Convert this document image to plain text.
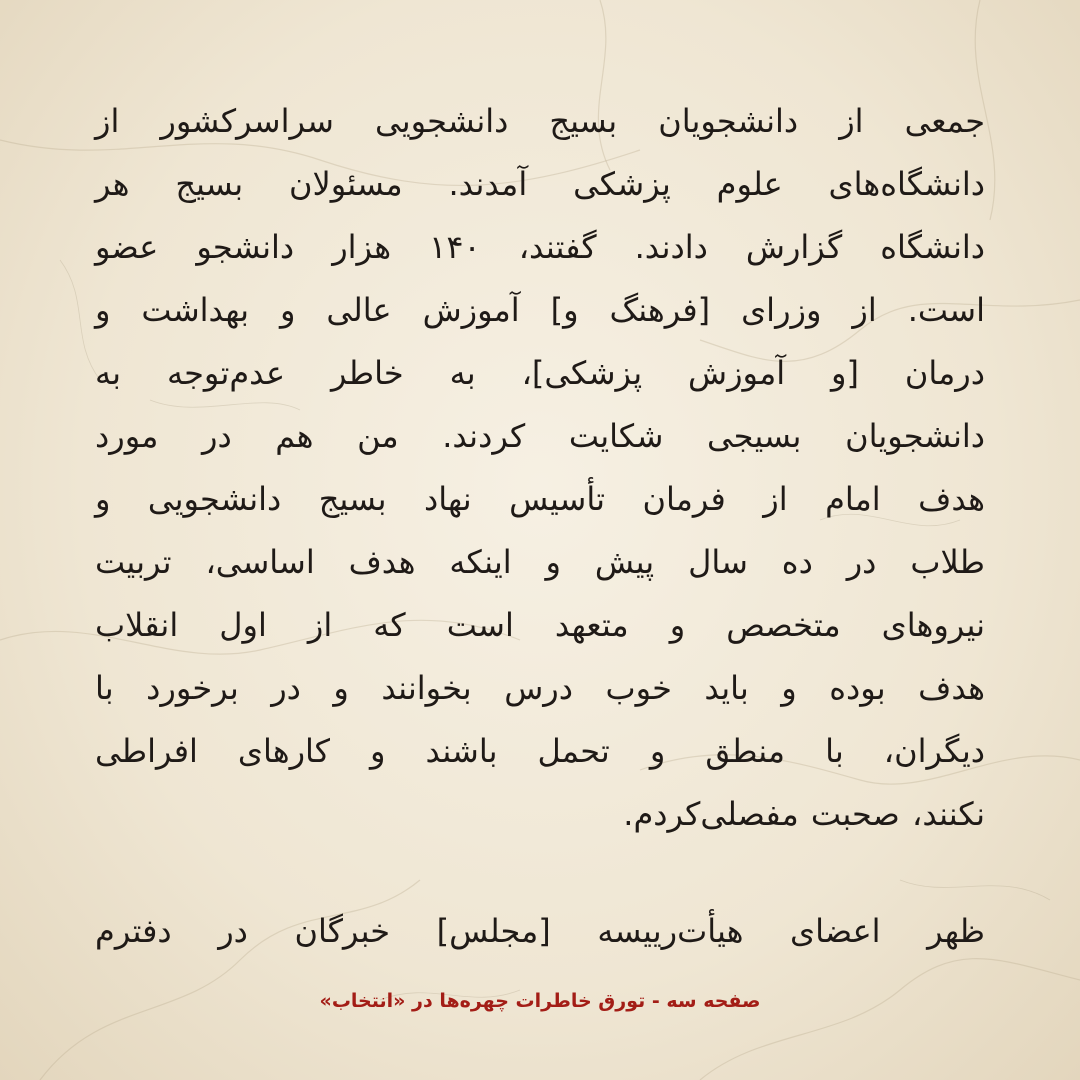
جمعی از دانشجویان بسیج دانشجویی سراسرکشور از
دانشگاه‌های علوم پزشکی آمدند. مسئولان بسیج هر
دانشگاه گزارش دادند. گفتند، ۱۴۰ هزار دانشجو عضو
است. از وزرای [فرهنگ و] آموزش عالی و بهداشت و
درمان [و آموزش پزشکی]، به خاطر عدم‌توجه به
دانشجویان بسیجی شکایت کردند. من هم در مورد
هدف امام از فرمان تأسیس نهاد بسیج دانشجویی و
طلاب در ده سال پیش و اینکه هدف اساسی، تربیت
نیروهای متخصص و متعهد است که از اول انقلاب
هدف بوده و باید خوب درس بخوانند و در برخورد با
دیگران، با منطق و تحمل باشند و کارهای افراطی
نکنند، صحبت مفصلی‌کردم.

ظهر اعضای هیأت‌رییسه [مجلس] خبرگان در دفترم

صفحه سه - تورق خاطرات چهره‌ها در «انتخاب»
